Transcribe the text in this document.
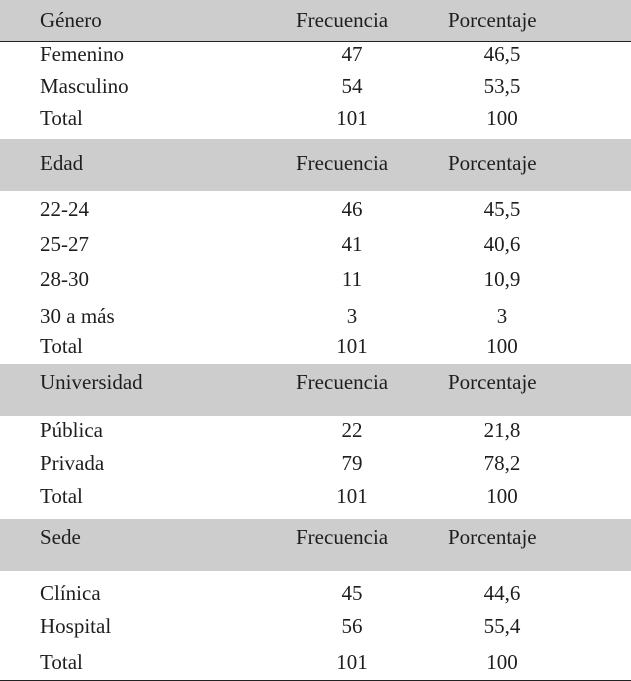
Género	Frecuencia	Porcentaje
Femenino	47	46,5
Masculino	54	53,5
Total	101	100
Edad	Frecuencia	Porcentaje
22-24	46	45,5
25-27	41	40,6
28-30	11	10,9
30 a más	3	3
Total	101	100
Universidad	Frecuencia	Porcentaje
Pública	22	21,8
Privada	79	78,2
Total	101	100
Sede	Frecuencia	Porcentaje
Clínica	45	44,6
Hospital	56	55,4
Total	101	100
